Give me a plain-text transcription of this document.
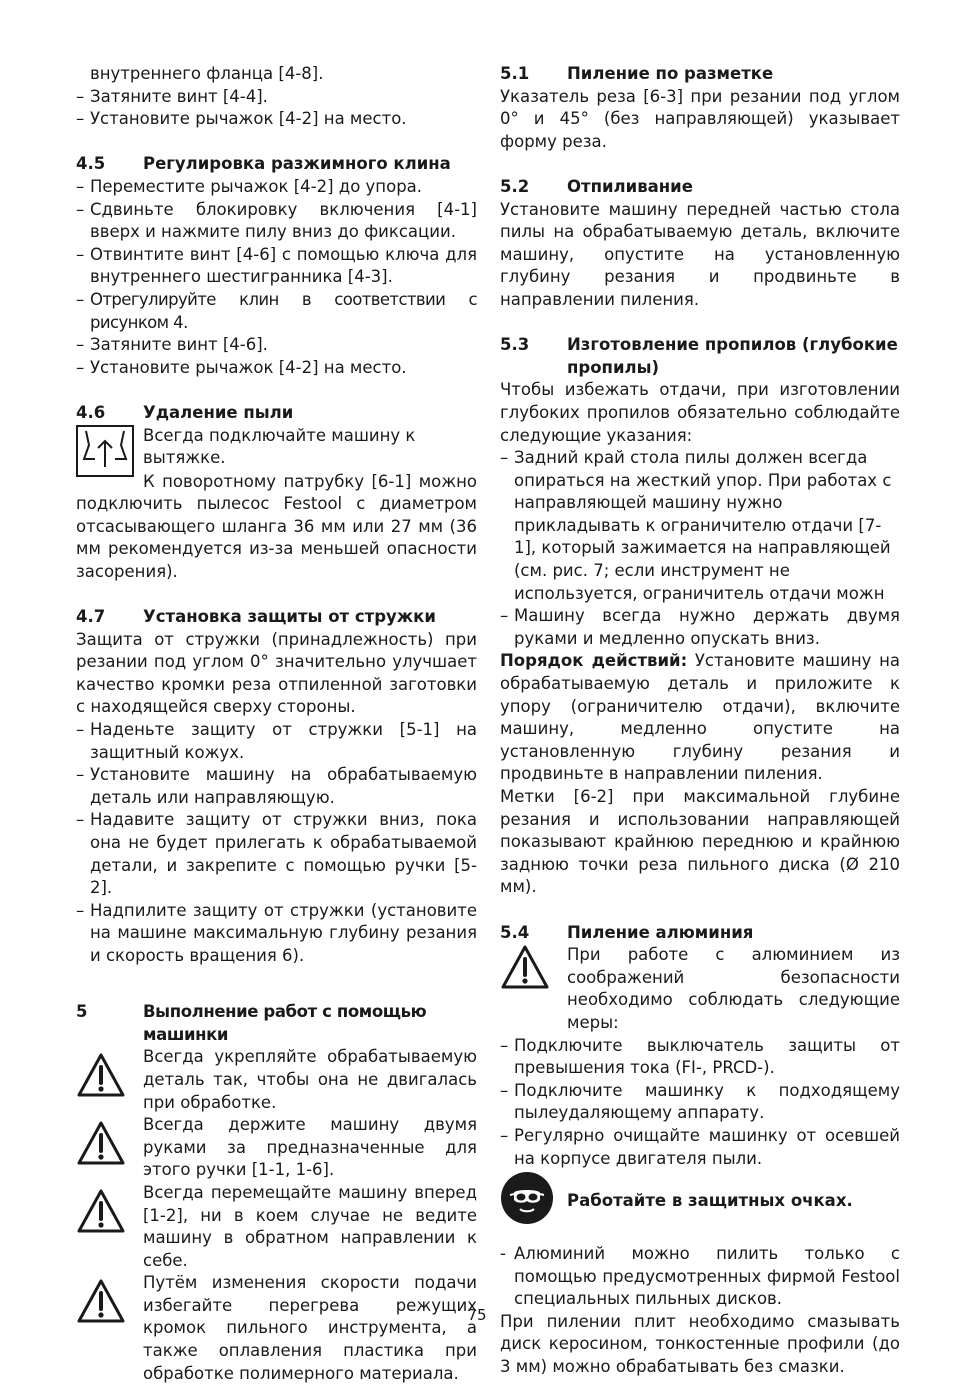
внутреннего фланца [4-8].

– Затяните винт [4-4].
– Установите рычажок [4-2] на место.
4.5	Регулировка разжимного клина
– Переместите рычажок [4-2] до упора.
– Сдвиньте блокировку включения [4-1] вверх и нажмите пилу вниз до фиксации.
– Отвинтите винт [4-6] с помощью ключа для внутреннего шестигранника [4-3].
– Отрегулируйте клин в соответствии с рисунком 4.
– Затяните винт [4-6].
– Установите рычажок [4-2] на место.
4.6	Удаление пыли

Всегда подключайте машину к вытяжке.

К поворотному патрубку [6-1] можно подключить пылесос Festool с диаметром отсасывающего шланга 36 мм или 27 мм (36 мм рекомендуется из-за меньшей опасности засорения).

4.7	Установка защиты от стружки

Защита от стружки (принадлежность) при резании под углом 0° значительно улучшает качество кромки реза отпиленной заготовки с находящейся сверху стороны.

– Наденьте защиту от стружки [5-1] на защитный кожух.
– Установите машину на обрабатываемую деталь или направляющую.
– Надавите защиту от стружки вниз, пока она не будет прилегать к обрабатываемой детали, и закрепите с помощью ручки [5-2].
– Надпилите защиту от стружки (установите на машине максимальную глубину резания и скорость вращения 6).
5	Выполнение работ с помощью машинки

Всегда укрепляйте обрабатываемую деталь так, чтобы она не двигалась при обработке.

Всегда держите машину двумя руками за предназначенные для этого ручки [1-1, 1-6].

Всегда перемещайте машину вперед [1-2], ни в коем случае не ведите машину в обратном направлении к себе.

Путём изменения скорости подачи избегайте перегрева режущих кромок пильного инструмента, а также оплавления пластика при обработке полимерного материала.

5.1	Пиление по разметке

Указатель реза [6-3] при резании под углом 0° и 45° (без направляющей) указывает форму реза.

5.2	Отпиливание

Установите машину передней частью стола пилы на обрабатываемую деталь, включите машину, опустите на установленную глубину резания и продвиньте в направлении пиления.

5.3	Изготовление пропилов (глубокие пропилы)

Чтобы избежать отдачи, при изготовлении глубоких пропилов обязательно соблюдайте следующие указания:

– Задний край стола пилы должен всегда опираться на жесткий упор. При работах с направляющей машину нужно прикладывать к ограничителю отдачи [7-1], который зажимается на направляющей (см. рис. 7; если инструмент не используется, ограничитель отдачи можн
– Машину всегда нужно держать двумя руками и медленно опускать вниз.

Порядок действий: Установите машину на обрабатываемую деталь и приложите к упору (ограничителю отдачи), включите машину, медленно опустите на установленную глубину резания и продвиньте в направлении пиления.

Метки [6-2] при максимальной глубине резания и использовании направляющей показывают крайнюю переднюю и крайнюю заднюю точки реза пильного диска (Ø 210 мм).

5.4	Пиление алюминия

При работе с алюминием из соображений безопасности необходимо соблюдать следующие меры:

– Подключите выключатель защиты от превышения тока (FI-, PRCD-).
– Подключите машинку к подходящему пылеудаляющему аппарату.
– Регулярно очищайте машинку от осевшей на корпусе двигателя пыли.
Работайте в защитных очках.

- Алюминий можно пилить только с помощью предусмотренных фирмой Festool специальных пильных дисков.

При пилении плит необходимо смазывать диск керосином, тонкостенные профили (до 3 мм) можно обрабатывать без смазки.

75
